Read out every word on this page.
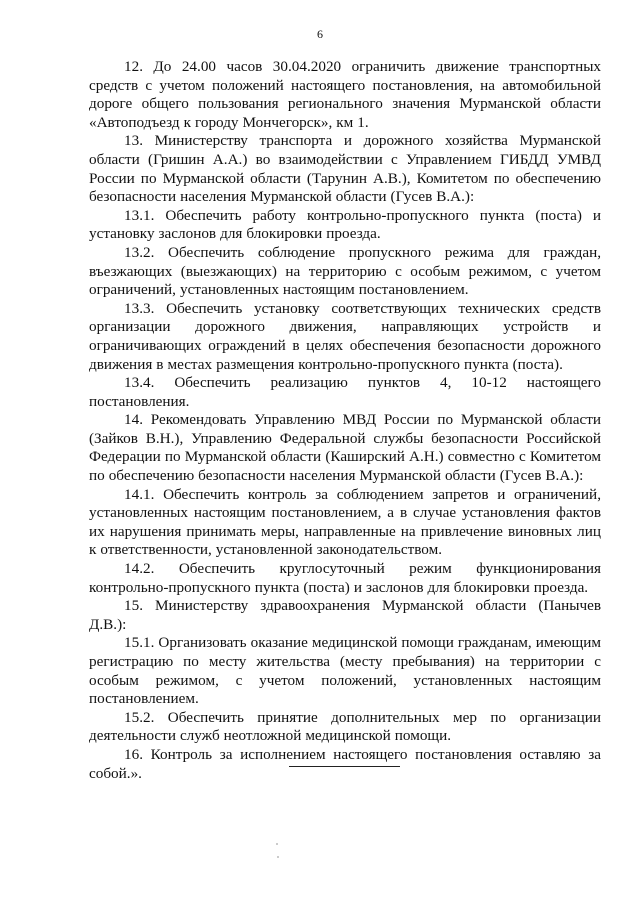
6

12. До 24.00 часов 30.04.2020 ограничить движение транспортных средств с учетом положений настоящего постановления, на автомобильной дороге общего пользования регионального значения Мурманской области «Автоподъезд к городу Мончегорск», км 1.

13. Министерству транспорта и дорожного хозяйства Мурманской области (Гришин А.А.) во взаимодействии с Управлением ГИБДД УМВД России по Мурманской области (Тарунин А.В.), Комитетом по обеспечению безопасности населения Мурманской области (Гусев В.А.):

13.1. Обеспечить работу контрольно-пропускного пункта (поста) и установку заслонов для блокировки проезда.

13.2. Обеспечить соблюдение пропускного режима для граждан, въезжающих (выезжающих) на территорию с особым режимом, с учетом ограничений, установленных настоящим постановлением.

13.3. Обеспечить установку соответствующих технических средств организации дорожного движения, направляющих устройств и ограничивающих ограждений в целях обеспечения безопасности дорожного движения в местах размещения контрольно-пропускного пункта (поста).

13.4. Обеспечить реализацию пунктов 4, 10-12 настоящего постановления.

14. Рекомендовать Управлению МВД России по Мурманской области (Зайков В.Н.), Управлению Федеральной службы безопасности Российской Федерации по Мурманской области (Каширский А.Н.) совместно с Комитетом по обеспечению безопасности населения Мурманской области (Гусев В.А.):

14.1. Обеспечить контроль за соблюдением запретов и ограничений, установленных настоящим постановлением, а в случае установления фактов их нарушения принимать меры, направленные на привлечение виновных лиц к ответственности, установленной законодательством.

14.2. Обеспечить круглосуточный режим функционирования контрольно-пропускного пункта (поста) и заслонов для блокировки проезда.

15. Министерству здравоохранения Мурманской области (Панычев Д.В.):

15.1. Организовать оказание медицинской помощи гражданам, имеющим регистрацию по месту жительства (месту пребывания) на территории с особым режимом, с учетом положений, установленных настоящим постановлением.

15.2. Обеспечить принятие дополнительных мер по организации деятельности служб неотложной медицинской помощи.

16. Контроль за исполнением настоящего постановления оставляю за собой.».
